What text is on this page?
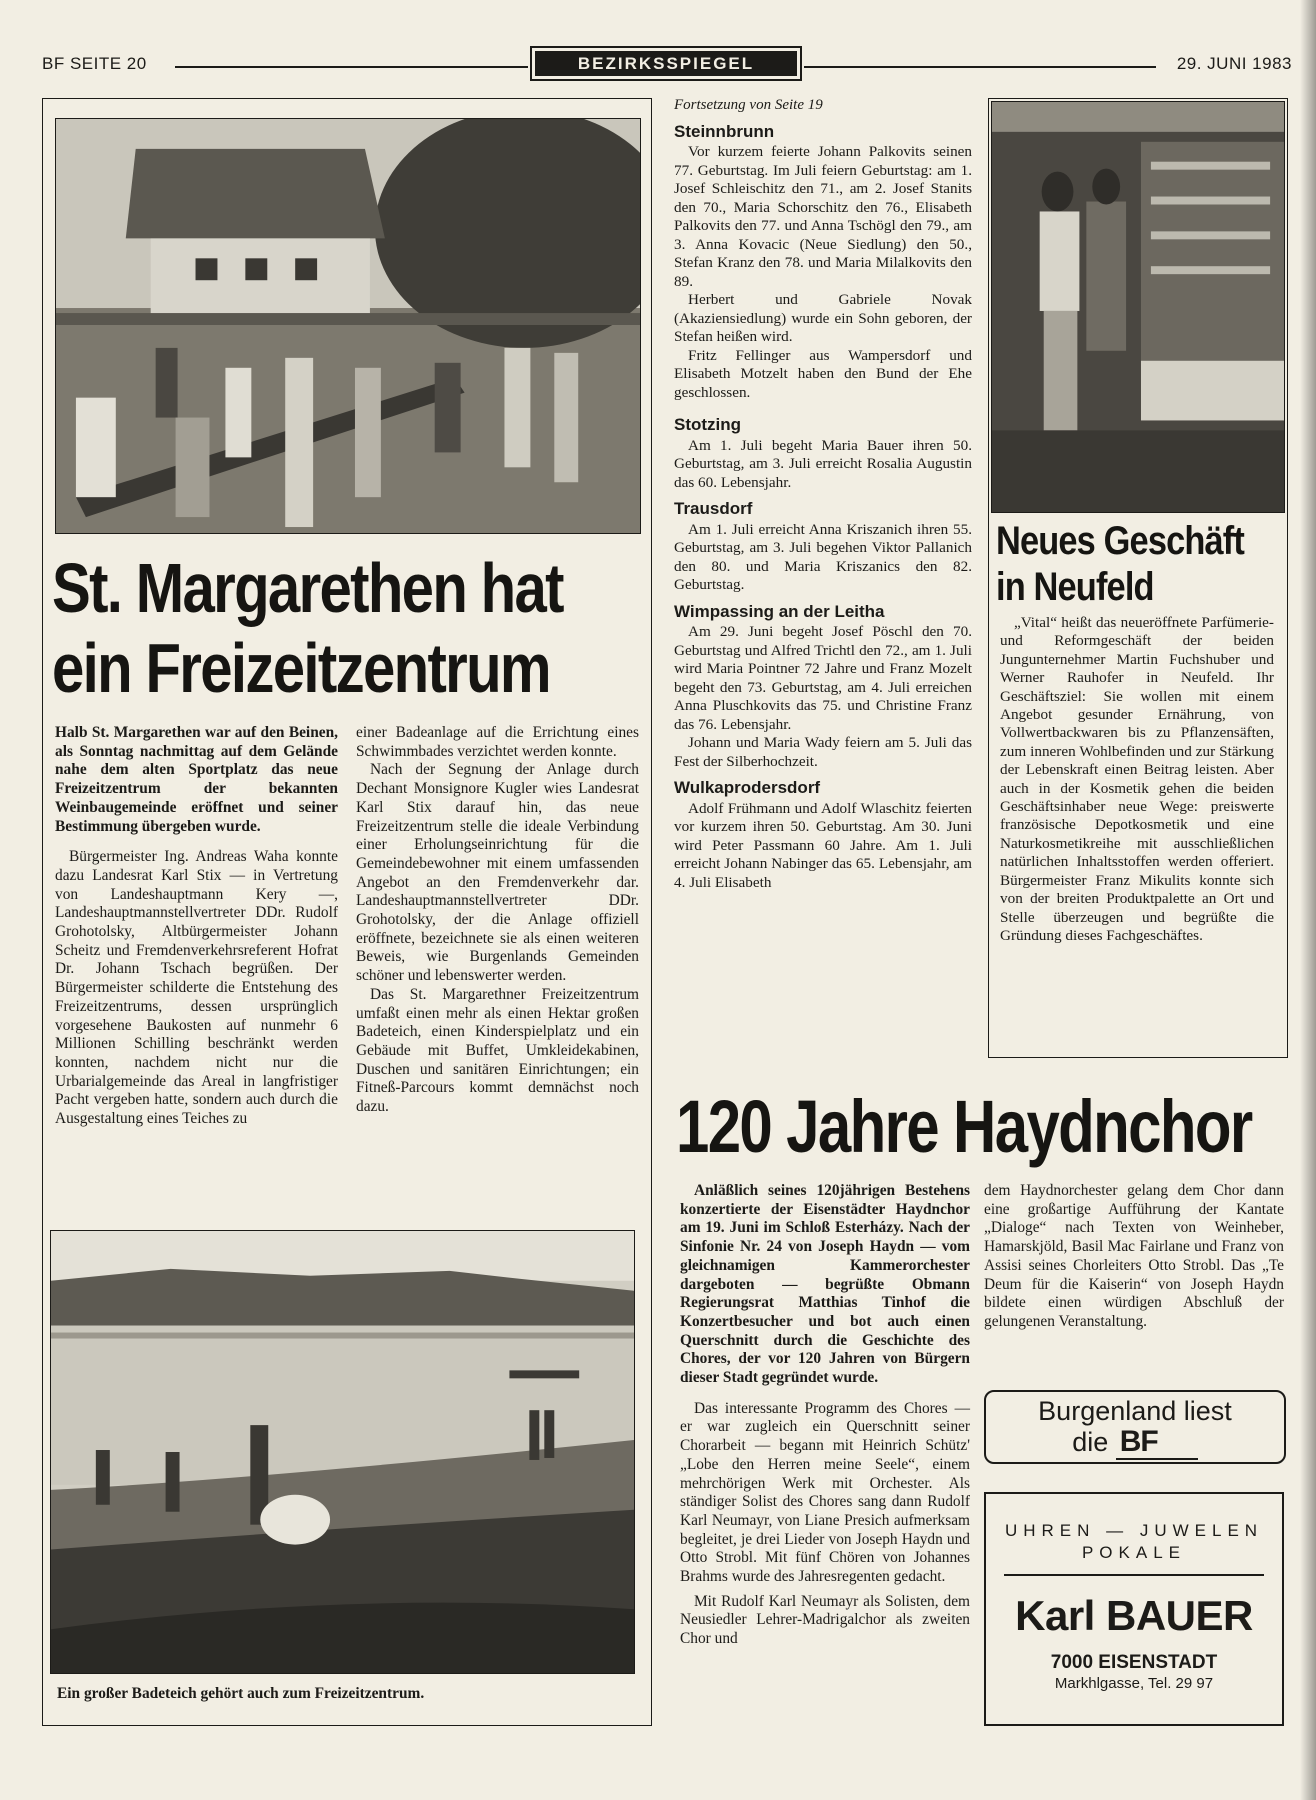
BF SEITE 20	BEZIRKSSPIEGEL	29. JUNI 1983
St. Margarethen hat
ein Freizeitzentrum

Halb St. Margarethen war auf den Beinen, als Sonntag nachmittag auf dem Gelände nahe dem alten Sportplatz das neue Freizeitzentrum der bekannten Weinbaugemeinde eröffnet und seiner Bestimmung übergeben wurde.

Bürgermeister Ing. Andreas Waha konnte dazu Landesrat Karl Stix — in Vertretung von Landeshauptmann Kery —, Landeshauptmannstellvertreter DDr. Rudolf Grohotolsky, Altbürgermeister Johann Scheitz und Fremdenverkehrsreferent Hofrat Dr. Johann Tschach begrüßen. Der Bürgermeister schilderte die Entstehung des Freizeitzentrums, dessen ursprünglich vorgesehene Baukosten auf nunmehr 6 Millionen Schilling beschränkt werden konnten, nachdem nicht nur die Urbarialgemeinde das Areal in langfristiger Pacht vergeben hatte, sondern auch durch die Ausgestaltung eines Teiches zu

einer Badeanlage auf die Errichtung eines Schwimmbades verzichtet werden konnte.

Nach der Segnung der Anlage durch Dechant Monsignore Kugler wies Landesrat Karl Stix darauf hin, das neue Freizeitzentrum stelle die ideale Verbindung einer Erholungseinrichtung für die Gemeindebewohner mit einem umfassenden Angebot an den Fremdenverkehr dar. Landeshauptmannstellvertreter DDr. Grohotolsky, der die Anlage offiziell eröffnete, bezeichnete sie als einen weiteren Beweis, wie Burgenlands Gemeinden schöner und lebenswerter werden.

Das St. Margarethner Freizeitzentrum umfaßt einen mehr als einen Hektar großen Badeteich, einen Kinderspielplatz und ein Gebäude mit Buffet, Umkleidekabinen, Duschen und sanitären Einrichtungen; ein Fitneß-Parcours kommt demnächst noch dazu.

Ein großer Badeteich gehört auch zum Freizeitzentrum.
Fortsetzung von Seite 19
Steinnbrunn

Vor kurzem feierte Johann Palkovits seinen 77. Geburtstag. Im Juli feiern Geburtstag: am 1. Josef Schleischitz den 71., am 2. Josef Stanits den 70., Maria Schorschitz den 76., Elisabeth Palkovits den 77. und Anna Tschögl den 79., am 3. Anna Kovacic (Neue Siedlung) den 50., Stefan Kranz den 78. und Maria Milalkovits den 89.

Herbert und Gabriele Novak (Akaziensiedlung) wurde ein Sohn geboren, der Stefan heißen wird.

Fritz Fellinger aus Wampersdorf und Elisabeth Motzelt haben den Bund der Ehe geschlossen.

Stotzing

Am 1. Juli begeht Maria Bauer ihren 50. Geburtstag, am 3. Juli erreicht Rosalia Augustin das 60. Lebensjahr.

Trausdorf

Am 1. Juli erreicht Anna Kriszanich ihren 55. Geburtstag, am 3. Juli begehen Viktor Pallanich den 80. und Maria Kriszanics den 82. Geburtstag.

Wimpassing an der Leitha

Am 29. Juni begeht Josef Pöschl den 70. Geburtstag und Alfred Trichtl den 72., am 1. Juli wird Maria Pointner 72 Jahre und Franz Mozelt begeht den 73. Geburtstag, am 4. Juli erreichen Anna Pluschkovits das 75. und Christine Franz das 76. Lebensjahr.

Johann und Maria Wady feiern am 5. Juli das Fest der Silberhochzeit.

Wulkaprodersdorf

Adolf Frühmann und Adolf Wlaschitz feierten vor kurzem ihren 50. Geburtstag. Am 30. Juni wird Peter Passmann 60 Jahre. Am 1. Juli erreicht Johann Nabinger das 65. Lebensjahr, am 4. Juli Elisabeth

Neues Geschäft
in Neufeld

„Vital“ heißt das neueröffnete Parfümerie- und Reformgeschäft der beiden Jungunternehmer Martin Fuchshuber und Werner Rauhofer in Neufeld. Ihr Geschäftsziel: Sie wollen mit einem Angebot gesunder Ernährung, von Vollwertbackwaren bis zu Pflanzensäften, zum inneren Wohlbefinden und zur Stärkung der Lebenskraft einen Beitrag leisten. Aber auch in der Kosmetik gehen die beiden Geschäftsinhaber neue Wege: preiswerte französische Depotkosmetik und eine Naturkosmetikreihe mit ausschließlichen natürlichen Inhaltsstoffen werden offeriert. Bürgermeister Franz Mikulits konnte sich von der breiten Produktpalette an Ort und Stelle überzeugen und begrüßte die Gründung dieses Fachgeschäftes.

120 Jahre Haydnchor

Anläßlich seines 120jährigen Bestehens konzertierte der Eisenstädter Haydnchor am 19. Juni im Schloß Esterházy. Nach der Sinfonie Nr. 24 von Joseph Haydn — vom gleichnamigen Kammerorchester dargeboten — begrüßte Obmann Regierungsrat Matthias Tinhof die Konzertbesucher und bot auch einen Querschnitt durch die Geschichte des Chores, der vor 120 Jahren von Bürgern dieser Stadt gegründet wurde.

Das interessante Programm des Chores — er war zugleich ein Querschnitt seiner Chorarbeit — begann mit Heinrich Schütz' „Lobe den Herren meine Seele“, einem mehrchörigen Werk mit Orchester. Als ständiger Solist des Chores sang dann Rudolf Karl Neumayr, von Liane Presich aufmerksam begleitet, je drei Lieder von Joseph Haydn und Otto Strobl. Mit fünf Chören von Johannes Brahms wurde des Jahresregenten gedacht.

Mit Rudolf Karl Neumayr als Solisten, dem Neusiedler Lehrer-Madrigalchor als zweiten Chor und

dem Haydnorchester gelang dem Chor dann eine großartige Aufführung der Kantate „Dialoge“ nach Texten von Weinheber, Hamarskjöld, Basil Mac Fairlane und Franz von Assisi seines Chorleiters Otto Strobl. Das „Te Deum für die Kaiserin“ von Joseph Haydn bildete einen würdigen Abschluß der gelungenen Veranstaltung.

Burgenland liest
die BF
UHREN — JUWELEN
POKALE
Karl BAUER
7000 EISENSTADT
Markhlgasse, Tel. 29 97
